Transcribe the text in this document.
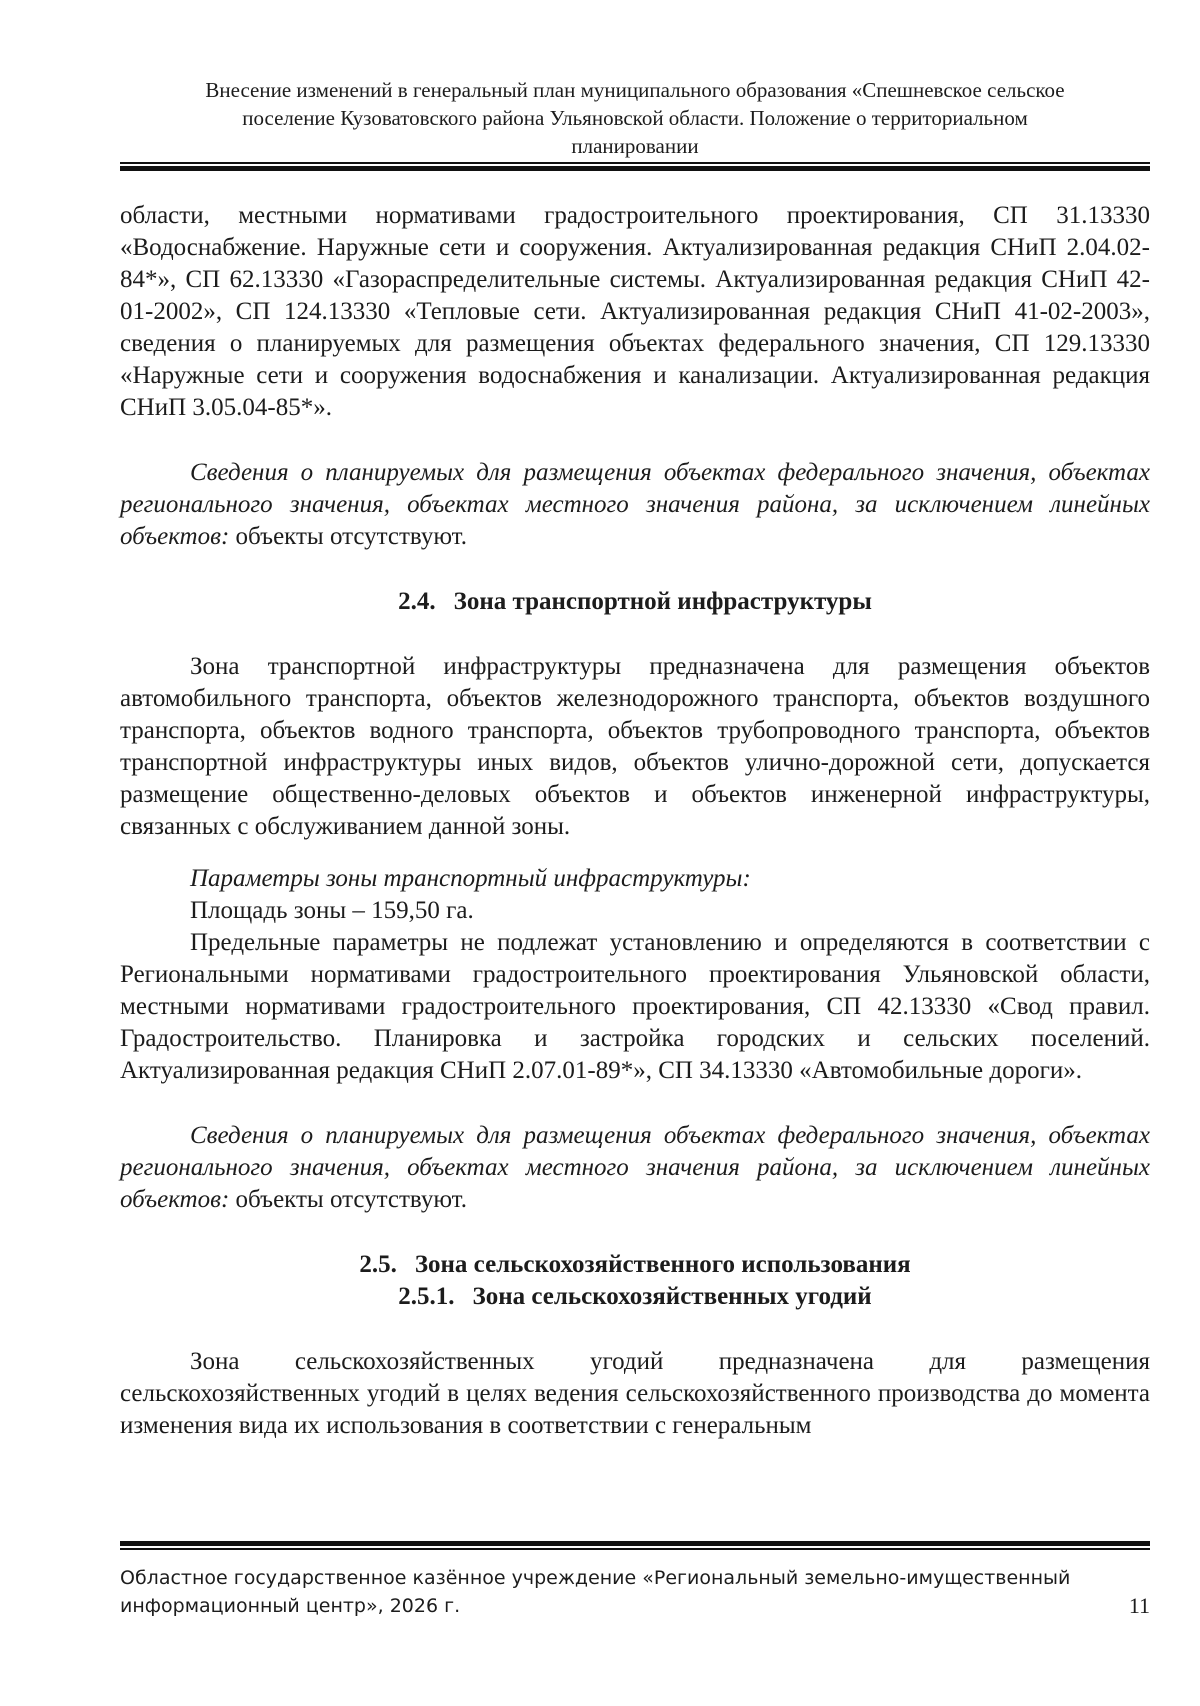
Внесение изменений в генеральный план муниципального образования «Спешневское сельское
поселение Кузоватовского района Ульяновской области. Положение о территориальном
планировании

области, местными нормативами градостроительного проектирования, СП 31.13330 «Водоснабжение. Наружные сети и сооружения. Актуализированная редакция СНиП 2.04.02-84*», СП 62.13330 «Газораспределительные системы. Актуализированная редакция СНиП 42-01-2002», СП 124.13330 «Тепловые сети. Актуализированная редакция СНиП 41-02-2003», сведения о планируемых для размещения объектах федерального значения, СП 129.13330 «Наружные сети и сооружения водоснабжения и канализации. Актуализированная редакция СНиП 3.05.04-85*».

Сведения о планируемых для размещения объектах федерального значения, объектах регионального значения, объектах местного значения района, за исключением линейных объектов: объекты отсутствуют.

2.4. Зона транспортной инфраструктуры

Зона транспортной инфраструктуры предназначена для размещения объектов автомобильного транспорта, объектов железнодорожного транспорта, объектов воздушного транспорта, объектов водного транспорта, объектов трубопроводного транспорта, объектов транспортной инфраструктуры иных видов, объектов улично-дорожной сети, допускается размещение общественно-деловых объектов и объектов инженерной инфраструктуры, связанных с обслуживанием данной зоны.

Параметры зоны транспортный инфраструктуры:

Площадь зоны – 159,50 га.

Предельные параметры не подлежат установлению и определяются в соответствии с Региональными нормативами градостроительного проектирования Ульяновской области, местными нормативами градостроительного проектирования, СП 42.13330 «Свод правил. Градостроительство. Планировка и застройка городских и сельских поселений. Актуализированная редакция СНиП 2.07.01-89*», СП 34.13330 «Автомобильные дороги».

Сведения о планируемых для размещения объектах федерального значения, объектах регионального значения, объектах местного значения района, за исключением линейных объектов: объекты отсутствуют.

2.5. Зона сельскохозяйственного использования
2.5.1. Зона сельскохозяйственных угодий

Зона сельскохозяйственных угодий предназначена для размещения сельскохозяйственных угодий в целях ведения сельскохозяйственного производства до момента изменения вида их использования в соответствии с генеральным

Областное государственное казённое учреждение «Региональный земельно-имущественный
информационный центр», 2026 г.	11
